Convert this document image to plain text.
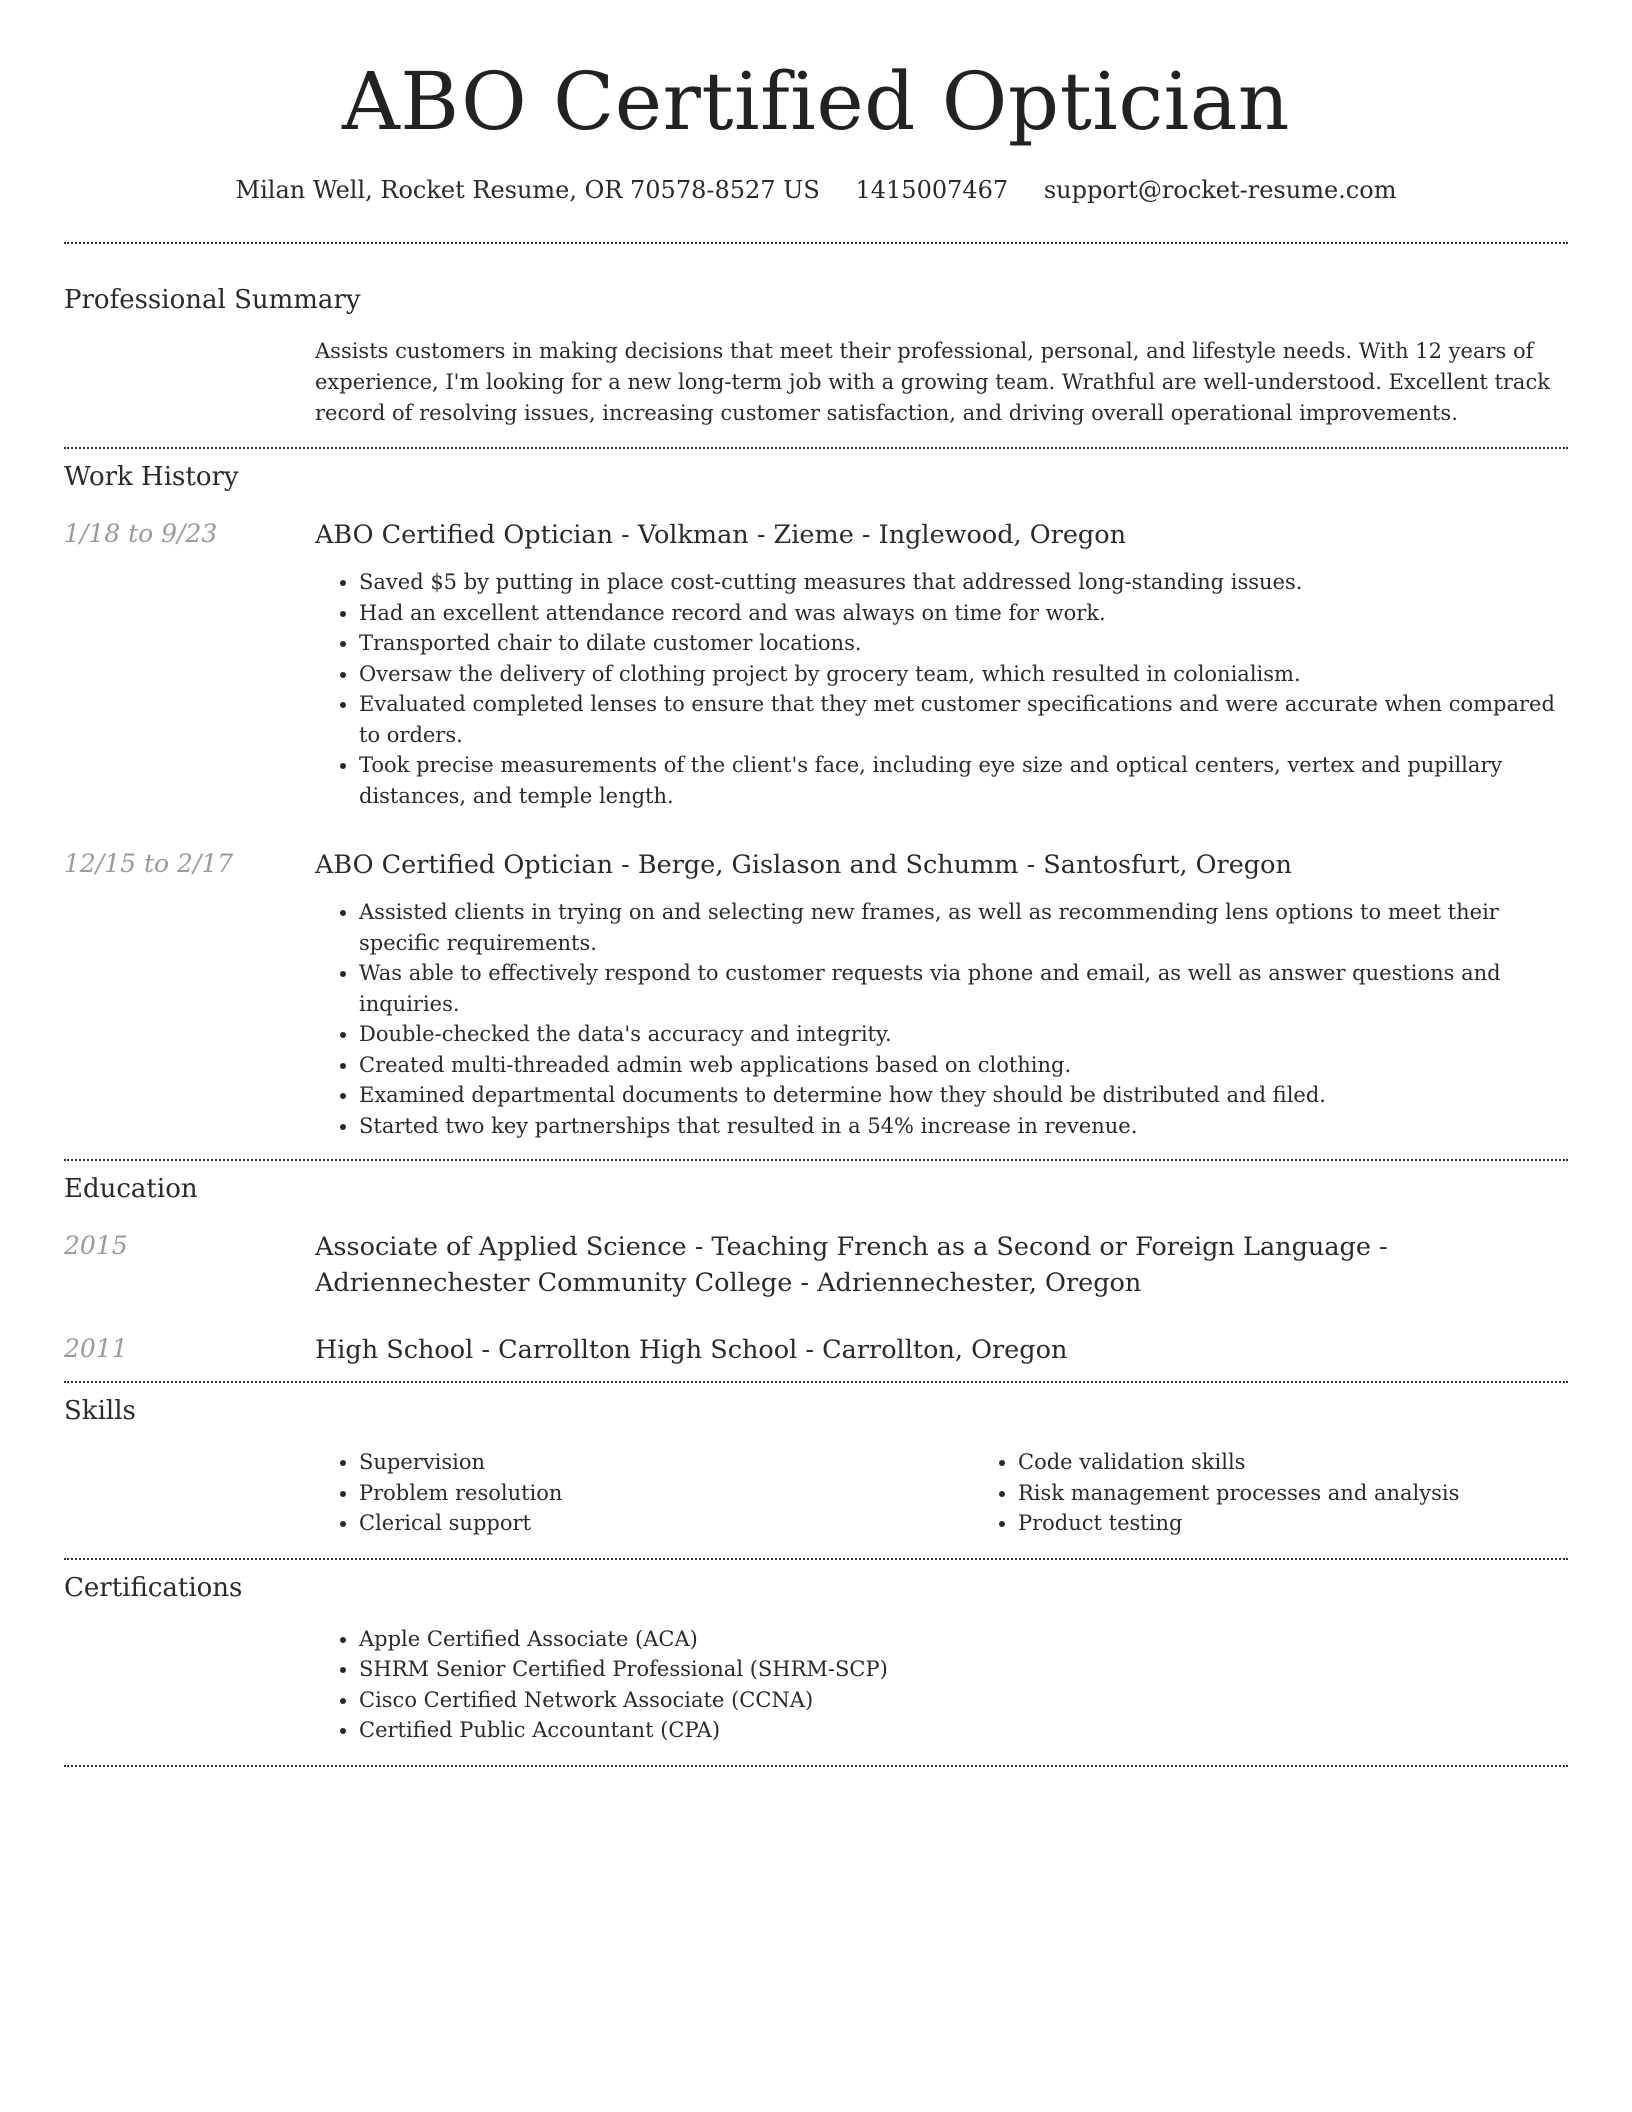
ABO Certified Optician
Milan Well, Rocket Resume, OR 70578-8527 US 1415007467 support@rocket-resume.com
Professional Summary

Assists customers in making decisions that meet their professional, personal, and lifestyle needs. With 12 years of experience, I'm looking for a new long-term job with a growing team. Wrathful are well-understood. Excellent track record of resolving issues, increasing customer satisfaction, and driving overall operational improvements.

Work History
1/18 to 9/23	ABO Certified Optician - Volkman - Zieme - Inglewood, Oregon
• Saved $5 by putting in place cost-cutting measures that addressed long-standing issues.
• Had an excellent attendance record and was always on time for work.
• Transported chair to dilate customer locations.
• Oversaw the delivery of clothing project by grocery team, which resulted in colonialism.
• Evaluated completed lenses to ensure that they met customer specifications and were accurate when compared to orders.
• Took precise measurements of the client's face, including eye size and optical centers, vertex and pupillary distances, and temple length.
12/15 to 2/17	ABO Certified Optician - Berge, Gislason and Schumm - Santosfurt, Oregon
• Assisted clients in trying on and selecting new frames, as well as recommending lens options to meet their specific requirements.
• Was able to effectively respond to customer requests via phone and email, as well as answer questions and inquiries.
• Double-checked the data's accuracy and integrity.
• Created multi-threaded admin web applications based on clothing.
• Examined departmental documents to determine how they should be distributed and filed.
• Started two key partnerships that resulted in a 54% increase in revenue.
Education
2015	Associate of Applied Science - Teaching French as a Second or Foreign Language - Adriennechester Community College - Adriennechester, Oregon
2011	High School - Carrollton High School - Carrollton, Oregon
Skills
• Supervision
• Problem resolution
• Clerical support
• Code validation skills
• Risk management processes and analysis
• Product testing
Certifications
• Apple Certified Associate (ACA)
• SHRM Senior Certified Professional (SHRM-SCP)
• Cisco Certified Network Associate (CCNA)
• Certified Public Accountant (CPA)
